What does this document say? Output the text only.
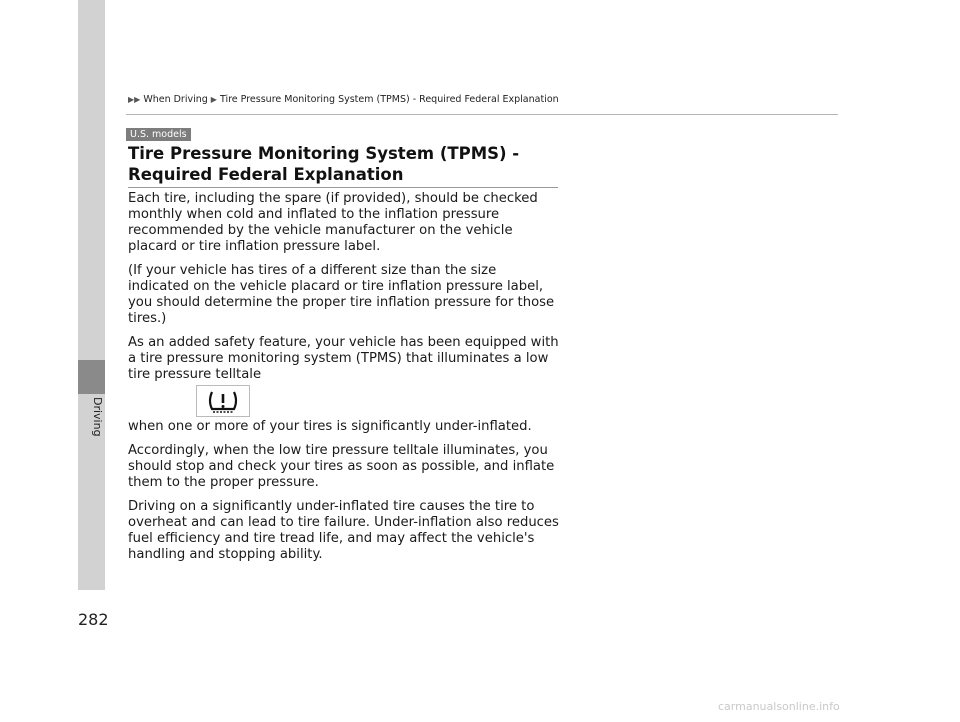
Driving
282
▶▶ When Driving ▶ Tire Pressure Monitoring System (TPMS) - Required Federal Explanation
U.S. models
Tire Pressure Monitoring System (TPMS) - Required Federal Explanation

Each tire, including the spare (if provided), should be checked monthly when cold and inflated to the inflation pressure recommended by the vehicle manufacturer on the vehicle placard or tire inflation pressure label.

(If your vehicle has tires of a different size than the size indicated on the vehicle placard or tire inflation pressure label, you should determine the proper tire inflation pressure for those tires.)

As an added safety feature, your vehicle has been equipped with a tire pressure monitoring system (TPMS) that illuminates a low tire pressure telltale

when one or more of your tires is significantly under-inflated.

Accordingly, when the low tire pressure telltale illuminates, you should stop and check your tires as soon as possible, and inflate them to the proper pressure.

Driving on a significantly under-inflated tire causes the tire to overheat and can lead to tire failure. Under-inflation also reduces fuel efficiency and tire tread life, and may affect the vehicle's handling and stopping ability.

carmanualsonline.info
